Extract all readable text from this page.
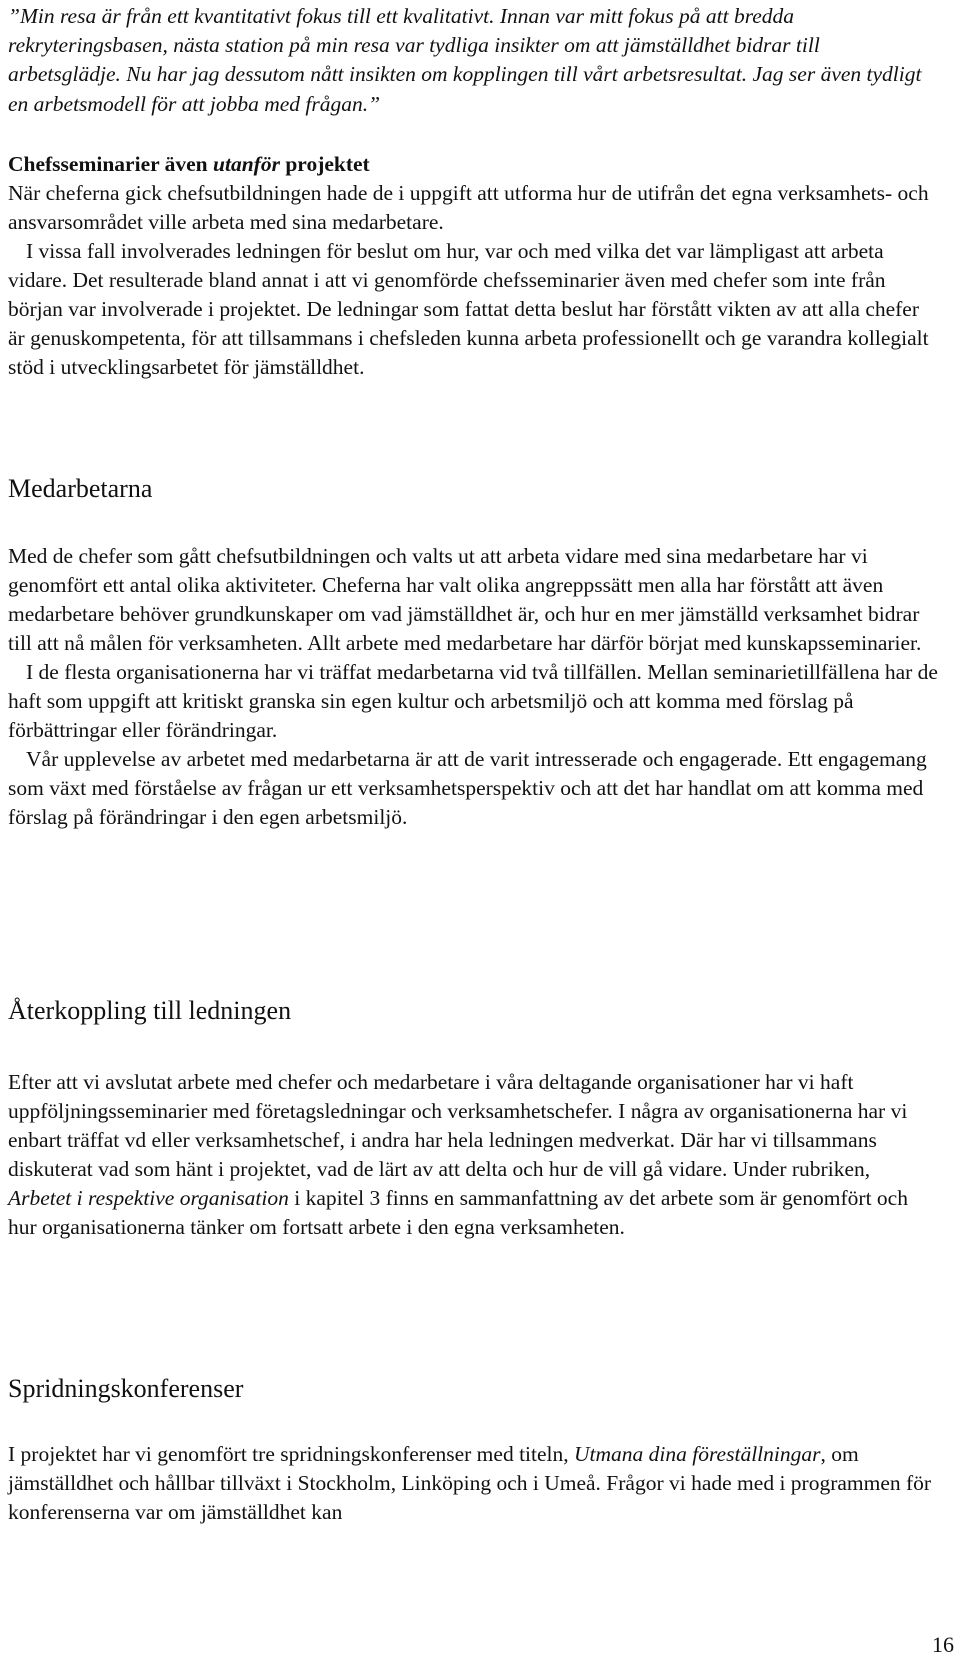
”Min resa är från ett kvantitativt fokus till ett kvalitativt. Innan var mitt fokus på att bredda rekryteringsbasen, nästa station på min resa var tydliga insikter om att jämställdhet bidrar till arbetsglädje. Nu har jag dessutom nått insikten om kopplingen till vårt arbetsresultat. Jag ser även tydligt en arbetsmodell för att jobba med frågan.”

Chefsseminarier även utanför projektet

När cheferna gick chefsutbildningen hade de i uppgift att utforma hur de utifrån det egna verksamhets- och ansvarsområdet ville arbeta med sina medarbetare.

I vissa fall involverades ledningen för beslut om hur, var och med vilka det var lämpligast att arbeta vidare. Det resulterade bland annat i att vi genomförde chefsseminarier även med chefer som inte från början var involverade i projektet. De ledningar som fattat detta beslut har förstått vikten av att alla chefer är genuskompetenta, för att tillsammans i chefsleden kunna arbeta professionellt och ge varandra kollegialt stöd i utvecklingsarbetet för jämställdhet.

Medarbetarna

Med de chefer som gått chefsutbildningen och valts ut att arbeta vidare med sina medarbetare har vi genomfört ett antal olika aktiviteter. Cheferna har valt olika angreppssätt men alla har förstått att även medarbetare behöver grundkunskaper om vad jämställdhet är, och hur en mer jämställd verksamhet bidrar till att nå målen för verksamheten. Allt arbete med medarbetare har därför börjat med kunskapsseminarier.

I de flesta organisationerna har vi träffat medarbetarna vid två tillfällen. Mellan seminarietillfällena har de haft som uppgift att kritiskt granska sin egen kultur och arbetsmiljö och att komma med förslag på förbättringar eller förändringar.

Vår upplevelse av arbetet med medarbetarna är att de varit intresserade och engagerade. Ett engagemang som växt med förståelse av frågan ur ett verksamhetsperspektiv och att det har handlat om att komma med förslag på förändringar i den egen arbetsmiljö.

Återkoppling till ledningen

Efter att vi avslutat arbete med chefer och medarbetare i våra deltagande organisationer har vi haft uppföljningsseminarier med företagsledningar och verksamhetschefer. I några av organisationerna har vi enbart träffat vd eller verksamhetschef, i andra har hela ledningen medverkat. Där har vi tillsammans diskuterat vad som hänt i projektet, vad de lärt av att delta och hur de vill gå vidare. Under rubriken, Arbetet i respektive organisation i kapitel 3 finns en sammanfattning av det arbete som är genomfört och hur organisationerna tänker om fortsatt arbete i den egna verksamheten.

Spridningskonferenser

I projektet har vi genomfört tre spridningskonferenser med titeln, Utmana dina föreställningar, om jämställdhet och hållbar tillväxt i Stockholm, Linköping och i Umeå. Frågor vi hade med i programmen för konferenserna var om jämställdhet kan

16
